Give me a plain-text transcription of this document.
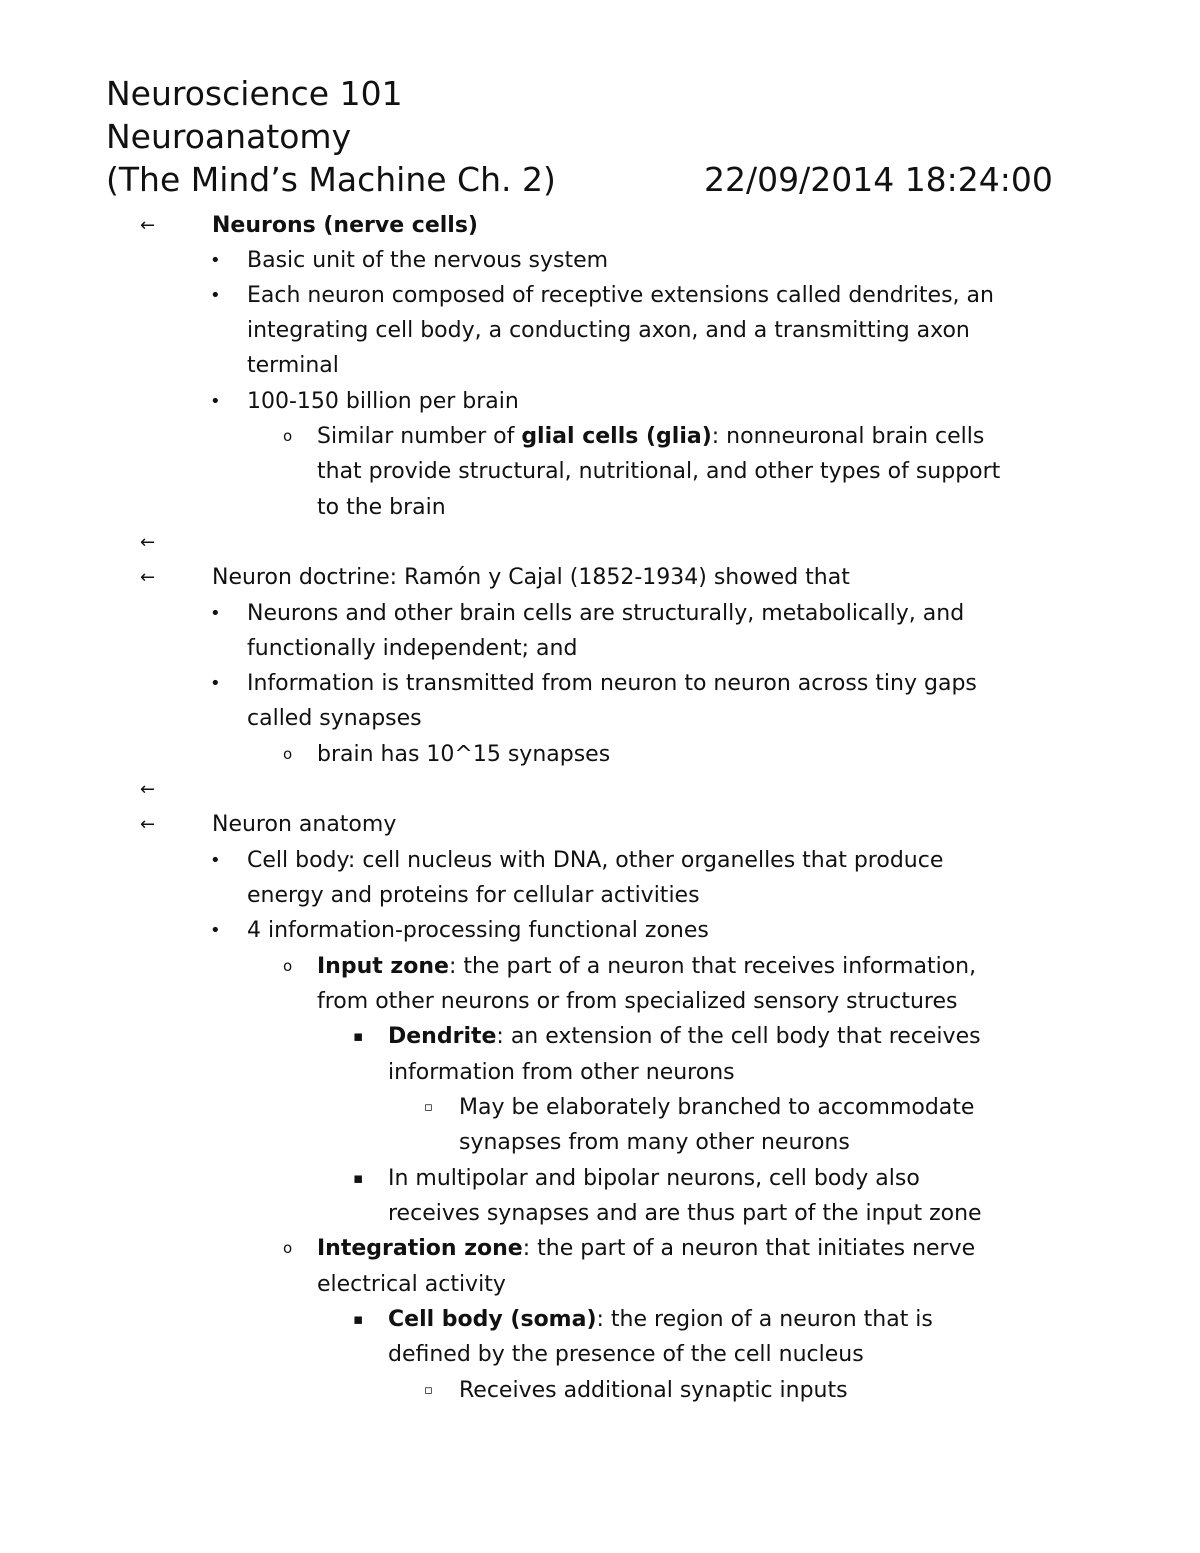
Neuroscience 101
Neuroanatomy
(The Mind’s Machine Ch. 2)	22/09/2014 18:24:00
←	Neurons (nerve cells)
• Basic unit of the nervous system
• Each neuron composed of receptive extensions called dendrites, an
integrating cell body, a conducting axon, and a transmitting axon
terminal
• 100-150 billion per brain
o Similar number of glial cells (glia): nonneuronal brain cells
that provide structural, nutritional, and other types of support
to the brain
←
←	Neuron doctrine: Ramón y Cajal (1852-1934) showed that
• Neurons and other brain cells are structurally, metabolically, and
functionally independent; and
• Information is transmitted from neuron to neuron across tiny gaps
called synapses
o brain has 10^15 synapses
←
←	Neuron anatomy
• Cell body: cell nucleus with DNA, other organelles that produce
energy and proteins for cellular activities
• 4 information-processing functional zones
o Input zone: the part of a neuron that receives information,
from other neurons or from specialized sensory structures
▪ Dendrite: an extension of the cell body that receives
information from other neurons
▫ May be elaborately branched to accommodate
synapses from many other neurons
▪ In multipolar and bipolar neurons, cell body also
receives synapses and are thus part of the input zone
o Integration zone: the part of a neuron that initiates nerve
electrical activity
▪ Cell body (soma): the region of a neuron that is
defined by the presence of the cell nucleus
▫ Receives additional synaptic inputs
